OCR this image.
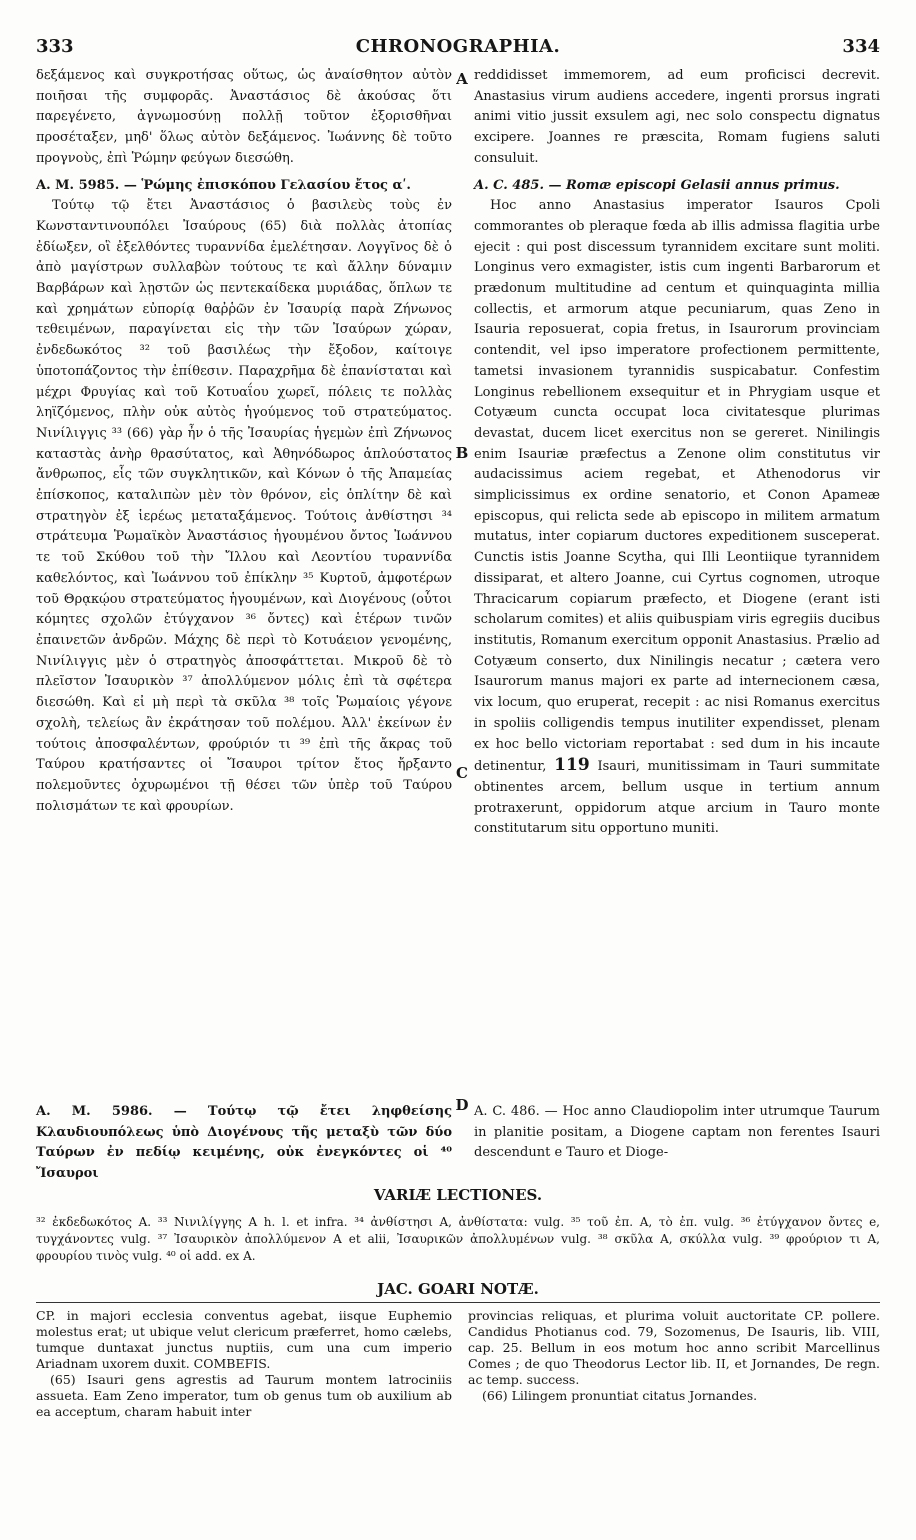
333	CHRONOGRAPHIA.	334
A
B
C
D

δεξάμενος καὶ συγκροτήσας οὕτως, ὡς ἀναίσθητον αὐτὸν ποιῆσαι τῆς συμφορᾶς. Ἀναστάσιος δὲ ἀκούσας ὅτι παρεγένετο, ἀγνωμοσύνῃ πολλῇ τοῦτον ἐξορισθῆναι προσέταξεν, μηδ' ὅλως αὐτὸν δεξάμενος. Ἰωάννης δὲ τοῦτο προγνοὺς, ἐπὶ Ῥώμην φεύγων διεσώθη.

A. M. 5985. — Ῥώμης ἐπισκόπου Γελασίου ἔτος αʹ.

Τούτῳ τῷ ἔτει Ἀναστάσιος ὁ βασιλεὺς τοὺς ἐν Κωνσταντινουπόλει Ἰσαύρους (65) διὰ πολλὰς ἀτοπίας ἐδίωξεν, οἳ ἐξελθόντες τυραννίδα ἐμελέτησαν. Λογγῖνος δὲ ὁ ἀπὸ μαγίστρων συλλαβὼν τούτους τε καὶ ἄλλην δύναμιν Βαρβάρων καὶ λῃστῶν ὡς πεντεκαίδεκα μυριάδας, ὅπλων τε καὶ χρημάτων εὐπορίᾳ θαῤῥῶν ἐν Ἰσαυρίᾳ παρὰ Ζήνωνος τεθειμένων, παραγίνεται εἰς τὴν τῶν Ἰσαύρων χώραν, ἐνδεδωκότος ³² τοῦ βασιλέως τὴν ἔξοδον, καίτοιγε ὑποτοπάζοντος τὴν ἐπίθεσιν. Παραχρῆμα δὲ ἐπανίσταται καὶ μέχρι Φρυγίας καὶ τοῦ Κοτυαΐου χωρεῖ, πόλεις τε πολλὰς ληϊζόμενος, πλὴν οὐκ αὐτὸς ἡγούμενος τοῦ στρατεύματος. Νινίλιγγις ³³ (66) γὰρ ἦν ὁ τῆς Ἰσαυρίας ἡγεμὼν ἐπὶ Ζήνωνος καταστὰς ἀνὴρ θρασύτατος, καὶ Ἀθηνόδωρος ἁπλούστατος ἄνθρωπος, εἷς τῶν συγκλητικῶν, καὶ Κόνων ὁ τῆς Ἀπαμείας ἐπίσκοπος, καταλιπὼν μὲν τὸν θρόνον, εἰς ὁπλίτην δὲ καὶ στρατηγὸν ἐξ ἱερέως μεταταξάμενος. Τούτοις ἀνθίστησι ³⁴ στράτευμα Ῥωμαϊκὸν Ἀναστάσιος ἡγουμένου ὄντος Ἰωάννου τε τοῦ Σκύθου τοῦ τὴν Ἴλλου καὶ Λεοντίου τυραννίδα καθελόντος, καὶ Ἰωάννου τοῦ ἐπίκλην ³⁵ Κυρτοῦ, ἀμφοτέρων τοῦ Θρᾳκῴου στρατεύματος ἡγουμένων, καὶ Διογένους (οὗτοι κόμητες σχολῶν ἐτύγχανον ³⁶ ὄντες) καὶ ἑτέρων τινῶν ἐπαινετῶν ἀνδρῶν. Μάχης δὲ περὶ τὸ Κοτυάειον γενομένης, Νινίλιγγις μὲν ὁ στρατηγὸς ἀποσφάττεται. Μικροῦ δὲ τὸ πλεῖστον Ἰσαυρικὸν ³⁷ ἀπολλύμενον μόλις ἐπὶ τὰ σφέτερα διεσώθη. Καὶ εἰ μὴ περὶ τὰ σκῦλα ³⁸ τοῖς Ῥωμαίοις γέγονε σχολὴ, τελείως ἂν ἐκράτησαν τοῦ πολέμου. Ἀλλ' ἐκείνων ἐν τούτοις ἀποσφαλέντων, φρούριόν τι ³⁹ ἐπὶ τῆς ἄκρας τοῦ Ταύρου κρατήσαντες οἱ Ἴσαυροι τρίτον ἔτος ἤρξαντο πολεμοῦντες ὀχυρωμένοι τῇ θέσει τῶν ὑπὲρ τοῦ Ταύρου πολισμάτων τε καὶ φρουρίων.

A. M. 5986. — Τούτῳ τῷ ἔτει ληφθείσης Κλαυδιουπόλεως ὑπὸ Διογένους τῆς μεταξὺ τῶν δύο Ταύρων ἐν πεδίῳ κειμένης, οὐκ ἐνεγκόντες οἱ ⁴⁰ Ἴσαυροι

reddidisset immemorem, ad eum proficisci decrevit. Anastasius virum audiens accedere, ingenti prorsus ingrati animi vitio jussit exsulem agi, nec solo conspectu dignatus excipere. Joannes re præscita, Romam fugiens saluti consuluit.

A. C. 485. — Romæ episcopi Gelasii annus primus.

Hoc anno Anastasius imperator Isauros Cpoli commorantes ob pleraque fœda ab illis admissa flagitia urbe ejecit : qui post discessum tyrannidem excitare sunt moliti. Longinus vero exmagister, istis cum ingenti Barbarorum et prædonum multitudine ad centum et quinquaginta millia collectis, et armorum atque pecuniarum, quas Zeno in Isauria reposuerat, copia fretus, in Isaurorum provinciam contendit, vel ipso imperatore profectionem permittente, tametsi invasionem tyrannidis suspicabatur. Confestim Longinus rebellionem exsequitur et in Phrygiam usque et Cotyæum cuncta occupat loca civitatesque plurimas devastat, ducem licet exercitus non se gereret. Ninilingis enim Isauriæ præfectus a Zenone olim constitutus vir audacissimus aciem regebat, et Athenodorus vir simplicissimus ex ordine senatorio, et Conon Apameæ episcopus, qui relicta sede ab episcopo in militem armatum mutatus, inter copiarum ductores expeditionem susceperat. Cunctis istis Joanne Scytha, qui Illi Leontiique tyrannidem dissiparat, et altero Joanne, cui Cyrtus cognomen, utroque Thracicarum copiarum præfecto, et Diogene (erant isti scholarum comites) et aliis quibuspiam viris egregiis ducibus institutis, Romanum exercitum opponit Anastasius. Prælio ad Cotyæum conserto, dux Ninilingis necatur ; cætera vero Isaurorum manus majori ex parte ad internecionem cæsa, vix locum, quo eruperat, recepit : ac nisi Romanus exercitus in spoliis colligendis tempus inutiliter expendisset, plenam ex hoc bello victoriam reportabat : sed dum in his incaute detinentur, 119 Isauri, munitissimam in Tauri summitate obtinentes arcem, bellum usque in tertium annum protraxerunt, oppidorum atque arcium in Tauro monte constitutarum situ opportuno muniti.

A. C. 486. — Hoc anno Claudiopolim inter utrumque Taurum in planitie positam, a Diogene captam non ferentes Isauri descendunt e Tauro et Dioge-

VARIÆ LECTIONES.
³² ἐκδεδωκότος A. ³³ Νινιλίγγης A h. l. et infra. ³⁴ ἀνθίστησι A, ἀνθίστατα: vulg. ³⁵ τοῦ ἐπ. A, τὸ ἐπ. vulg. ³⁶ ἐτύγχανον ὄντες e, τυγχάνοντες vulg. ³⁷ Ἰσαυρικὸν ἀπολλύμενον A et alii, Ἰσαυρικῶν ἀπολλυμένων vulg. ³⁸ σκῦλα A, σκύλλα vulg. ³⁹ φρούριον τι A, φρουρίου τινὸς vulg. ⁴⁰ οἱ add. ex A.
JAC. GOARI NOTÆ.

CP. in majori ecclesia conventus agebat, iisque Euphemio molestus erat; ut ubique velut clericum præferret, homo cælebs, tumque duntaxat junctus nuptiis, cum una cum imperio Ariadnam uxorem duxit. COMBEFIS.

(65) Isauri gens agrestis ad Taurum montem latrociniis assueta. Eam Zeno imperator, tum ob genus tum ob auxilium ab ea acceptum, charam habuit inter

provincias reliquas, et plurima voluit auctoritate CP. pollere. Candidus Photianus cod. 79, Sozomenus, De Isauris, lib. VIII, cap. 25. Bellum in eos motum hoc anno scribit Marcellinus Comes ; de quo Theodorus Lector lib. II, et Jornandes, De regn. ac temp. success.

(66) Lilingem pronuntiat citatus Jornandes.
